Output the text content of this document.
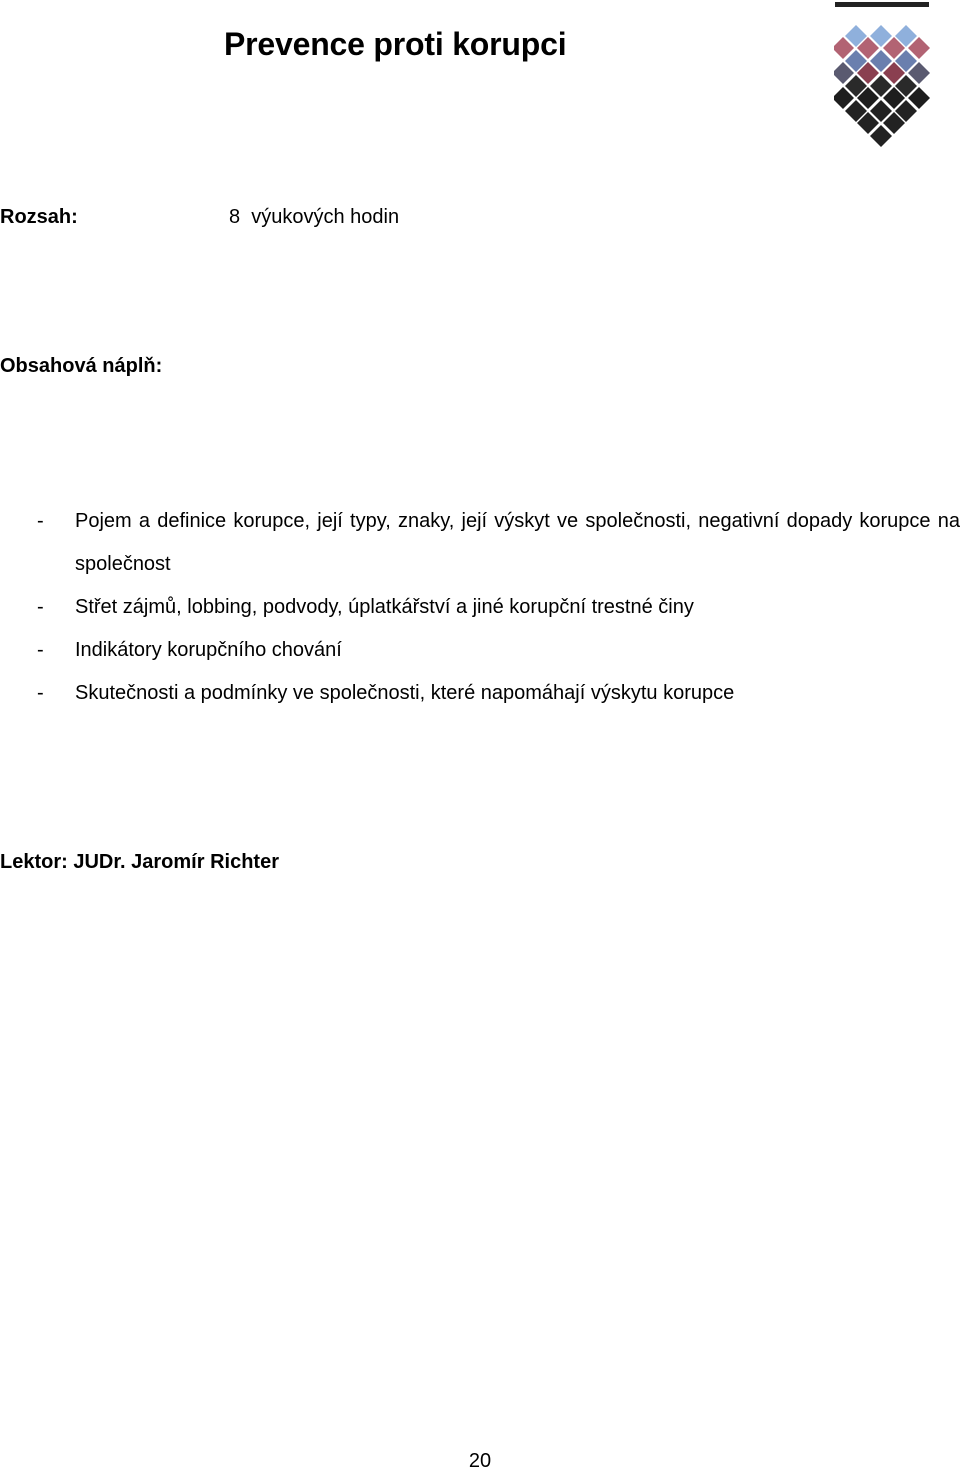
Prevence proti korupci
Rozsah:	8  výukových hodin
Obsahová náplň:
- Pojem a definice korupce, její typy, znaky, její výskyt ve společnosti, negativní dopady korupce na společnost
- Střet zájmů, lobbing, podvody, úplatkářství a jiné korupční trestné činy
- Indikátory korupčního chování
- Skutečnosti a podmínky ve společnosti, které napomáhají výskytu korupce
Lektor: JUDr. Jaromír Richter
20
